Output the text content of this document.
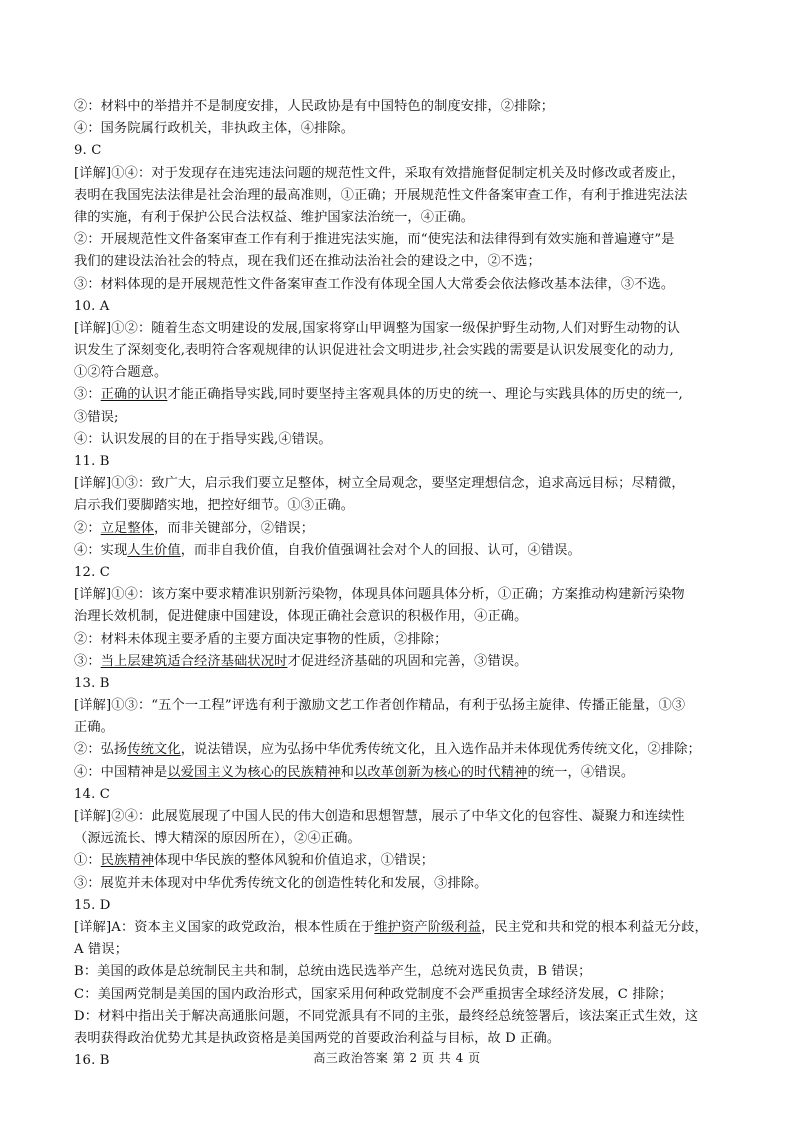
②：材料中的举措并不是制度安排，人民政协是有中国特色的制度安排，②排除；
④：国务院属行政机关，非执政主体，④排除。
9. C
[详解]①④：对于发现存在违宪违法问题的规范性文件，采取有效措施督促制定机关及时修改或者废止，
表明在我国宪法法律是社会治理的最高准则，①正确；开展规范性文件备案审查工作，有利于推进宪法法
律的实施，有利于保护公民合法权益、维护国家法治统一，④正确。
②：开展规范性文件备案审查工作有利于推进宪法实施，而“使宪法和法律得到有效实施和普遍遵守”是
我们的建设法治社会的特点，现在我们还在推动法治社会的建设之中，②不选；
③：材料体现的是开展规范性文件备案审查工作没有体现全国人大常委会依法修改基本法律，③不选。
10. A
[详解]①②：随着生态文明建设的发展,国家将穿山甲调整为国家一级保护野生动物,人们对野生动物的认
识发生了深刻变化,表明符合客观规律的认识促进社会文明进步,社会实践的需要是认识发展变化的动力,
①②符合题意。
③：正确的认识才能正确指导实践,同时要坚持主客观具体的历史的统一、理论与实践具体的历史的统一,
③错误;
④：认识发展的目的在于指导实践,④错误。
11. B
[详解]①③：致广大，启示我们要立足整体，树立全局观念，要坚定理想信念，追求高远目标；尽精微，
启示我们要脚踏实地，把控好细节。①③正确。
②：立足整体，而非关键部分，②错误；
④：实现人生价值，而非自我价值，自我价值强调社会对个人的回报、认可，④错误。
12. C
[详解]①④：该方案中要求精准识别新污染物，体现具体问题具体分析，①正确；方案推动构建新污染物
治理长效机制，促进健康中国建设，体现正确社会意识的积极作用，④正确。
②：材料未体现主要矛盾的主要方面决定事物的性质，②排除；
③：当上层建筑适合经济基础状况时才促进经济基础的巩固和完善，③错误。
13. B
[详解]①③：“五个一工程”评选有利于激励文艺工作者创作精品，有利于弘扬主旋律、传播正能量，①③
正确。
②：弘扬传统文化，说法错误，应为弘扬中华优秀传统文化，且入选作品并未体现优秀传统文化，②排除；
④：中国精神是以爱国主义为核心的民族精神和以改革创新为核心的时代精神的统一，④错误。
14. C
[详解]②④：此展览展现了中国人民的伟大创造和思想智慧，展示了中华文化的包容性、凝聚力和连续性
（源远流长、博大精深的原因所在），②④正确。
①：民族精神体现中华民族的整体风貌和价值追求，①错误；
③：展览并未体现对中华优秀传统文化的创造性转化和发展，③排除。
15. D
[详解]A：资本主义国家的政党政治，根本性质在于维护资产阶级利益，民主党和共和党的根本利益无分歧，
A 错误；
B：美国的政体是总统制民主共和制，总统由选民选举产生，总统对选民负责，B 错误；
C：美国两党制是美国的国内政治形式，国家采用何种政党制度不会严重损害全球经济发展，C 排除；
D：材料中指出关于解决高通胀问题，不同党派具有不同的主张，最终经总统签署后，该法案正式生效，这
表明获得政治优势尤其是执政资格是美国两党的首要政治利益与目标，故 D 正确。
16. B	高三政治答案 第 2 页 共 4 页
